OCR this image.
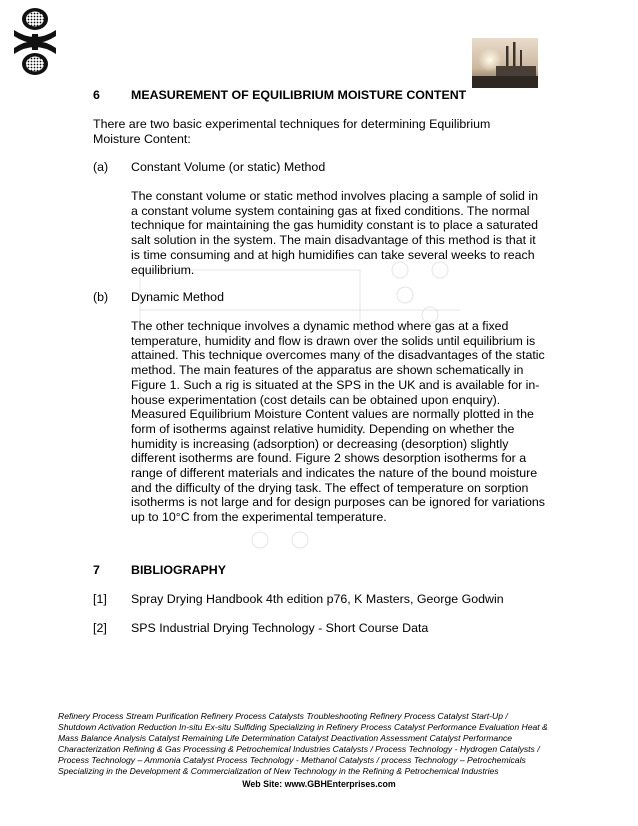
6	MEASUREMENT OF EQUILIBRIUM MOISTURE CONTENT
There are two basic experimental techniques for determining Equilibrium Moisture Content:
(a) Constant Volume (or static) Method
The constant volume or static method involves placing a sample of solid in a constant volume system containing gas at fixed conditions. The normal technique for maintaining the gas humidity constant is to place a saturated salt solution in the system. The main disadvantage of this method is that it is time consuming and at high humidifies can take several weeks to reach equilibrium.
(b) Dynamic Method
The other technique involves a dynamic method where gas at a fixed temperature, humidity and flow is drawn over the solids until equilibrium is attained. This technique overcomes many of the disadvantages of the static method. The main features of the apparatus are shown schematically in Figure 1. Such a rig is situated at the SPS in the UK and is available for in-house experimentation (cost details can be obtained upon enquiry). Measured Equilibrium Moisture Content values are normally plotted in the form of isotherms against relative humidity. Depending on whether the humidity is increasing (adsorption) or decreasing (desorption) slightly different isotherms are found. Figure 2 shows desorption isotherms for a range of different materials and indicates the nature of the bound moisture and the difficulty of the drying task. The effect of temperature on sorption isotherms is not large and for design purposes can be ignored for variations up to 10°C from the experimental temperature.
7	BIBLIOGRAPHY
[1] Spray Drying Handbook 4th edition p76, K Masters, George Godwin
[2] SPS Industrial Drying Technology - Short Course Data
Refinery Process Stream Purification Refinery Process Catalysts Troubleshooting Refinery Process Catalyst Start-Up / Shutdown Activation Reduction In-situ Ex-situ Sulfiding Specializing in Refinery Process Catalyst Performance Evaluation Heat & Mass Balance Analysis Catalyst Remaining Life Determination Catalyst Deactivation Assessment Catalyst Performance Characterization Refining & Gas Processing & Petrochemical Industries Catalysts / Process Technology - Hydrogen Catalysts / Process Technology – Ammonia Catalyst Process Technology - Methanol Catalysts / process Technology – Petrochemicals Specializing in the Development & Commercialization of New Technology in the Refining & Petrochemical Industries
Web Site: www.GBHEnterprises.com
